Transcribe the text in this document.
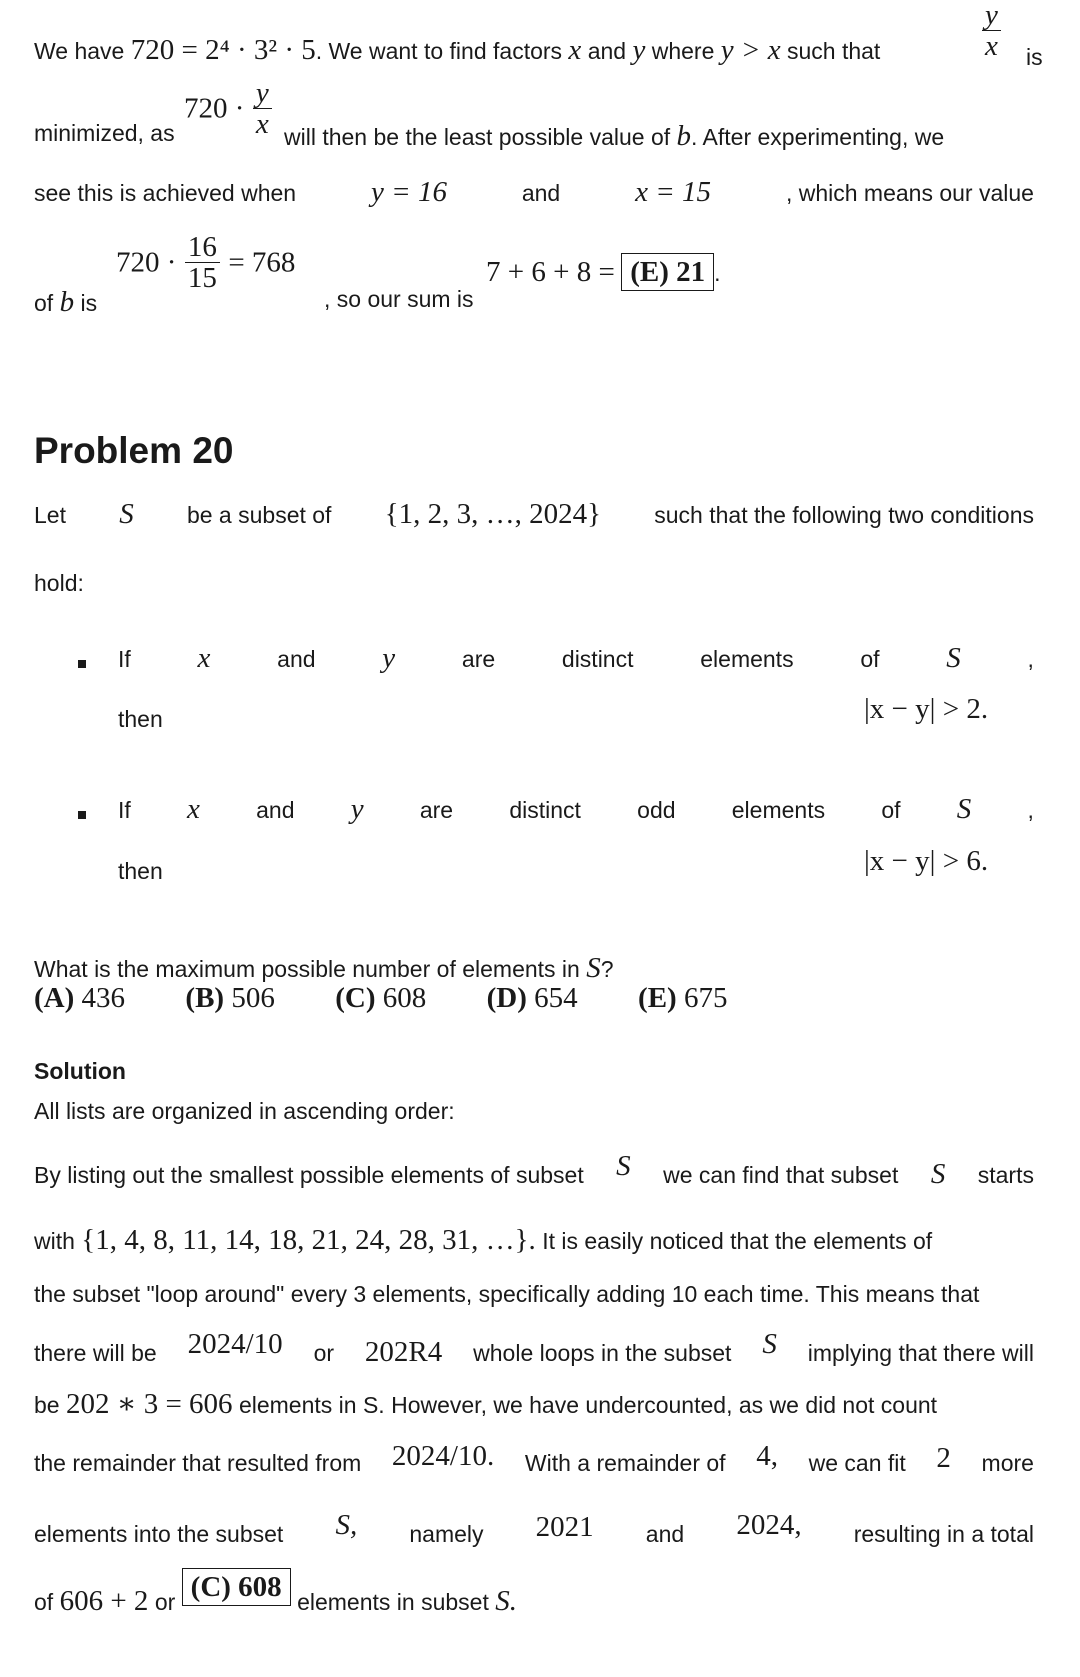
We have 720 = 2⁴ · 3² · 5. We want to find factors x and y where y > x such that	$\frac{y}{x}$ is
minimized, as
$720 \cdot \frac{y}{x}$ will then be the least possible value of b. After experimenting, we
see this is achieved when	y = 16	and	x = 15	, which means our value
of b is
$720 \cdot \frac{16}{15} = 768$
, so our sum is
7 + 6 + 8 = (E) 21 .
Problem 20
Let S be a subset of {1, 2, 3, …, 2024} such that the following two conditions
hold:
If x	and y	are	distinct	elements	of S	,
then	|x − y| > 2.
If x and y are distinct odd elements of S ,
then	|x − y| > 6.
What is the maximum possible number of elements in S?
(A) 436 (B) 506 (C) 608 (D) 654 (E) 675
Solution
All lists are organized in ascending order:
By listing out the smallest possible elements of subset S we can find that subset S starts
with {1, 4, 8, 11, 14, 18, 21, 24, 28, 31, …}. It is easily noticed that the elements of
the subset "loop around" every 3 elements, specifically adding 10 each time. This means that
there will be 2024/10 or 202R4 whole loops in the subset S implying that there will
be 202 ∗ 3 = 606 elements in S. However, we have undercounted, as we did not count
the remainder that resulted from 2024/10. With a remainder of 4, we can fit 2 more
elements into the subset S, namely 2021 and 2024, resulting in a total
of 606 + 2 or (C) 608 elements in subset S.
